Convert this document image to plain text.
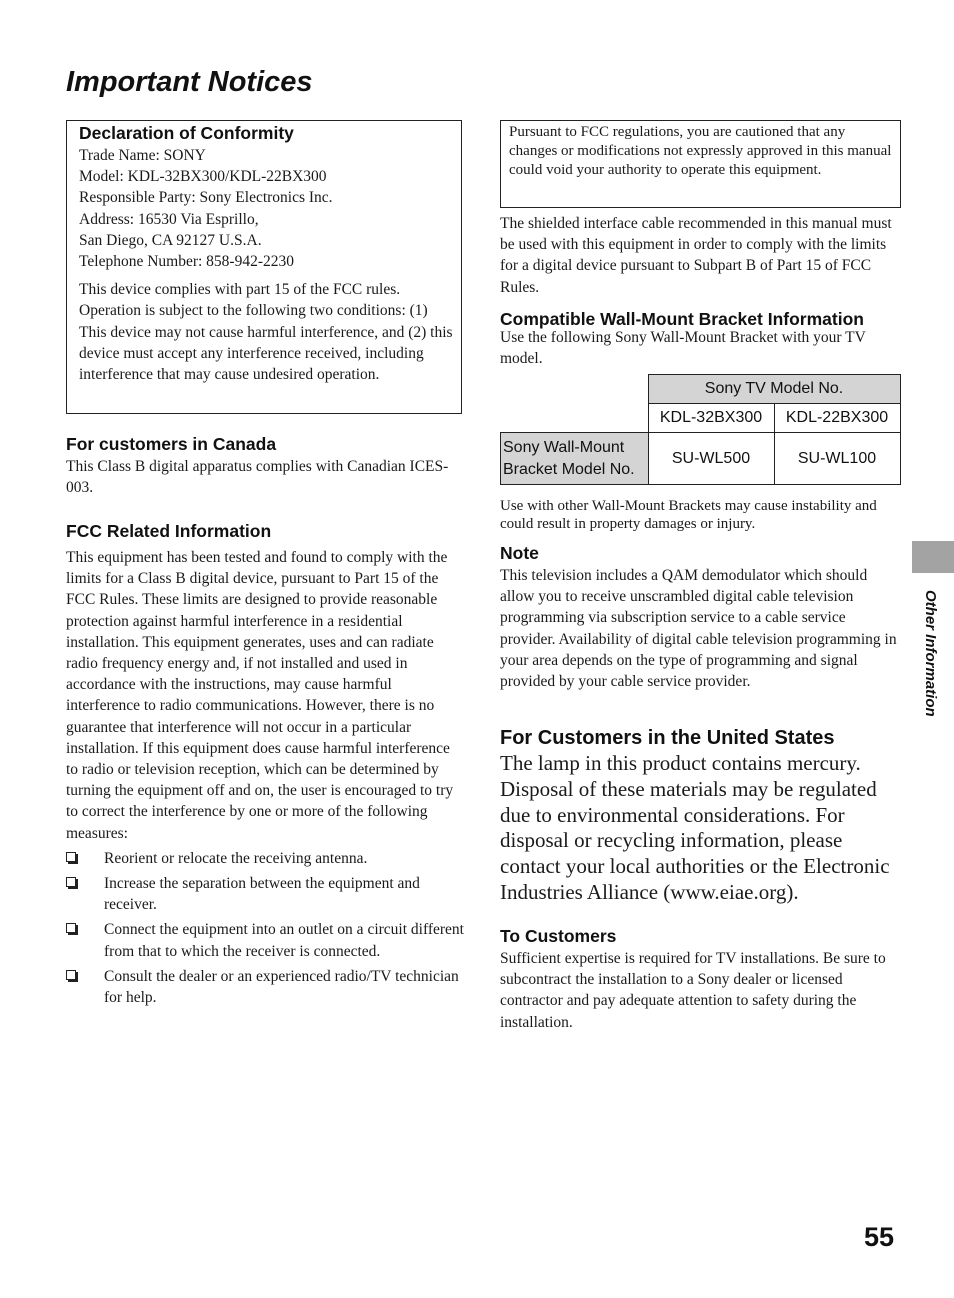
Important Notices

Declaration of Conformity

Trade Name: SONY

Model: KDL-32BX300/KDL-22BX300

Responsible Party: Sony Electronics Inc.

Address: 16530 Via Esprillo,

San Diego, CA 92127 U.S.A.

Telephone Number: 858-942-2230

This device complies with part 15 of the FCC rules. Operation is subject to the following two conditions: (1) This device may not cause harmful interference, and (2) this device must accept any interference received, including interference that may cause undesired operation.

For customers in Canada

This Class B digital apparatus complies with Canadian ICES-003.

FCC Related Information

This equipment has been tested and found to comply with the limits for a Class B digital device, pursuant to Part 15 of the FCC Rules. These limits are designed to provide reasonable protection against harmful interference in a residential installation. This equipment generates, uses and can radiate radio frequency energy and, if not installed and used in accordance with the instructions, may cause harmful interference to radio communications. However, there is no guarantee that interference will not occur in a particular installation. If this equipment does cause harmful interference to radio or television reception, which can be determined by turning the equipment off and on, the user is encouraged to try to correct the interference by one or more of the following measures:

Reorient or relocate the receiving antenna.
Increase the separation between the equipment and receiver.
Connect the equipment into an outlet on a circuit different from that to which the receiver is connected.
Consult the dealer or an experienced radio/TV technician for help.

Pursuant to FCC regulations, you are cautioned that any changes or modifications not expressly approved in this manual could void your authority to operate this equipment.

The shielded interface cable recommended in this manual must be used with this equipment in order to comply with the limits for a digital device pursuant to Subpart B of Part 15 of FCC Rules.

Compatible Wall-Mount Bracket Information

Use the following Sony Wall-Mount Bracket with your TV model.

	Sony TV Model No.	
	KDL-32BX300	KDL-22BX300
Sony Wall-Mount Bracket Model No.	SU-WL500	SU-WL100

Use with other Wall-Mount Brackets may cause instability and could result in property damages or injury.

Note

This television includes a QAM demodulator which should allow you to receive unscrambled digital cable television programming via subscription service to a cable service provider. Availability of digital cable television programming in your area depends on the type of programming and signal provided by your cable service provider.

For Customers in the United States

The lamp in this product contains mercury. Disposal of these materials may be regulated due to environmental considerations. For disposal or recycling information, please contact your local authorities or the Electronic Industries Alliance (www.eiae.org).

To Customers

Sufficient expertise is required for TV installations. Be sure to subcontract the installation to a Sony dealer or licensed contractor and pay adequate attention to safety during the installation.

Other Information
55
